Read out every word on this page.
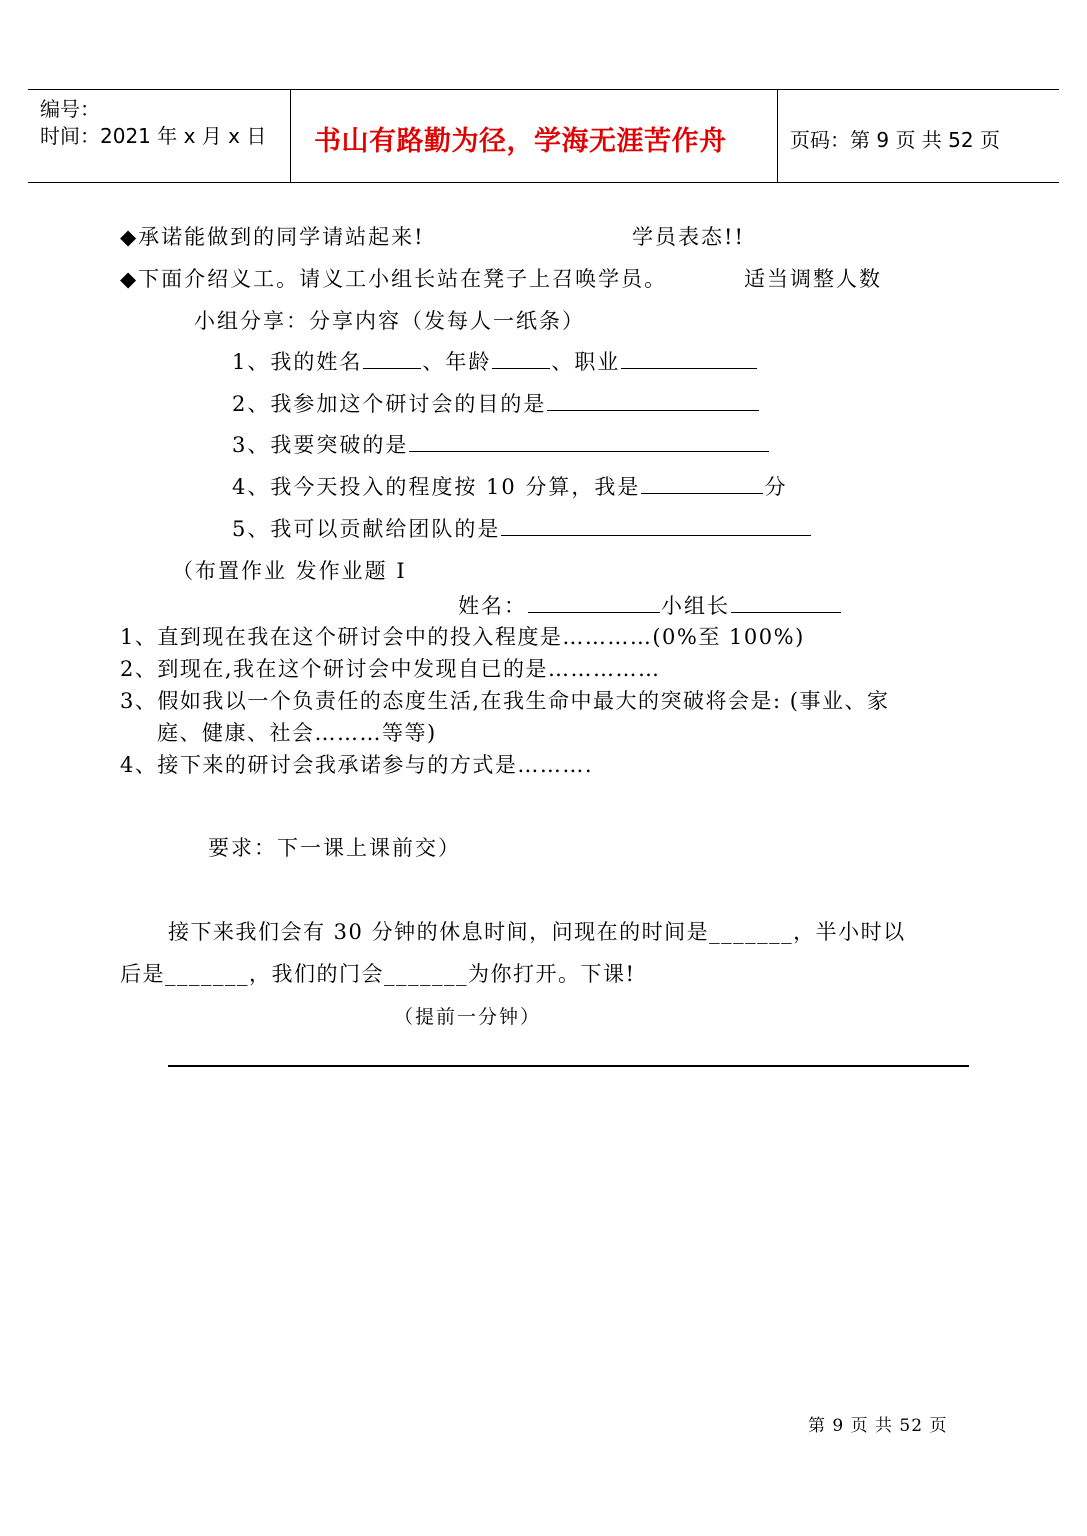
编号：
时间：2021 年 x 月 x 日 书山有路勤为径，学海无涯苦作舟	页码：第 9 页 共 52 页
◆承诺能做到的同学请站起来!	学员表态!!
◆下面介绍义工。请义工小组长站在凳子上召唤学员。	适当调整人数
小组分享：分享内容（发每人一纸条）
1、我的姓名	、年龄	、职业
2、我参加这个研讨会的目的是
3、我要突破的是
4、我今天投入的程度按 10 分算，我是	分
5、我可以贡献给团队的是
（布置作业 发作业题 I
姓名：	小组长
1、直到现在我在这个研讨会中的投入程度是…………(0%至 100%)
2、到现在,我在这个研讨会中发现自已的是……………
3、假如我以一个负责任的态度生活,在我生命中最大的突破将会是: (事业、家
庭、健康、社会………等等)
4、接下来的研讨会我承诺参与的方式是……….
要求：下一课上课前交）
接下来我们会有 30 分钟的休息时间，问现在的时间是_______，半小时以
后是_______，我们的门会_______为你打开。下课!
（提前一分钟）
第 9 页 共 52 页
